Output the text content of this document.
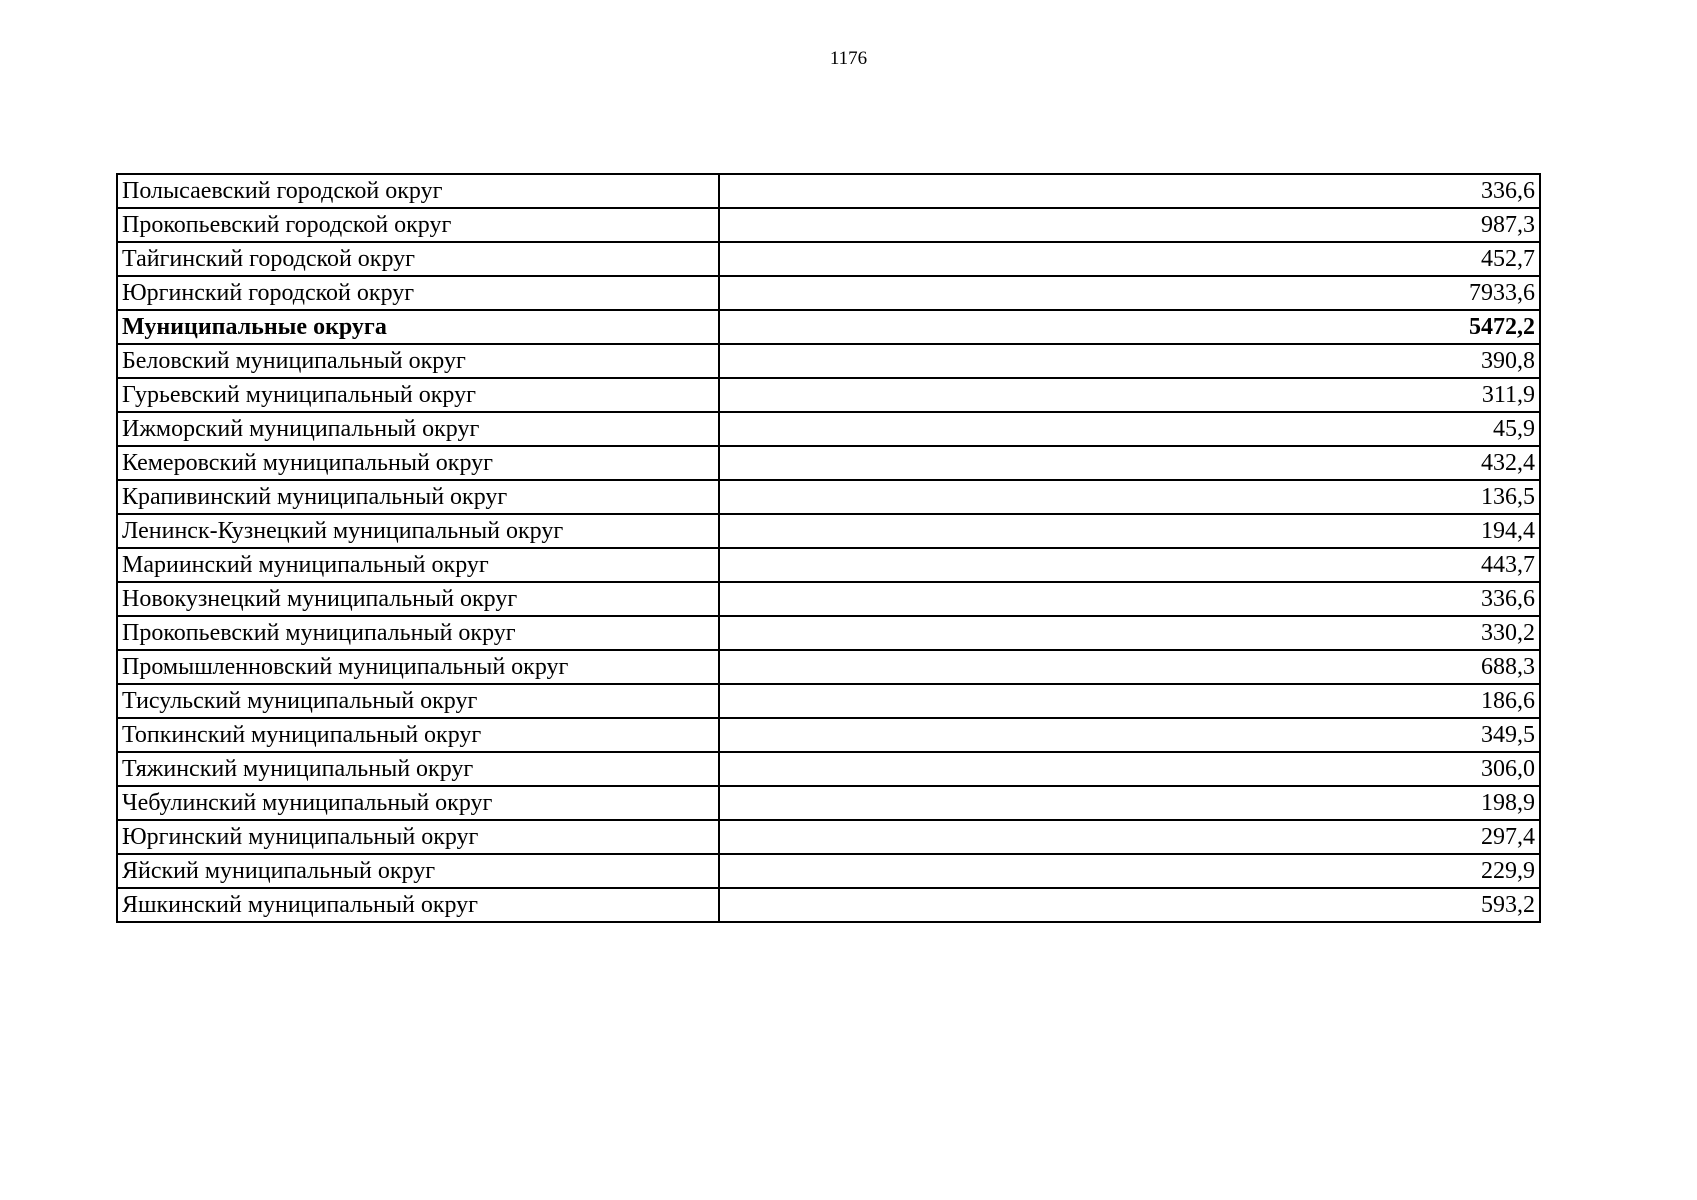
1176
Полысаевский городской округ	336,6
Прокопьевский городской округ	987,3
Тайгинский городской округ	452,7
Юргинский городской округ	7933,6
Муниципальные округа	5472,2
Беловский муниципальный округ	390,8
Гурьевский муниципальный округ	311,9
Ижморский муниципальный округ	45,9
Кемеровский муниципальный округ	432,4
Крапивинский муниципальный округ	136,5
Ленинск-Кузнецкий муниципальный округ	194,4
Мариинский муниципальный округ	443,7
Новокузнецкий муниципальный округ	336,6
Прокопьевский муниципальный округ	330,2
Промышленновский муниципальный округ	688,3
Тисульский муниципальный округ	186,6
Топкинский муниципальный округ	349,5
Тяжинский муниципальный округ	306,0
Чебулинский муниципальный округ	198,9
Юргинский муниципальный округ	297,4
Яйский муниципальный округ	229,9
Яшкинский муниципальный округ	593,2
